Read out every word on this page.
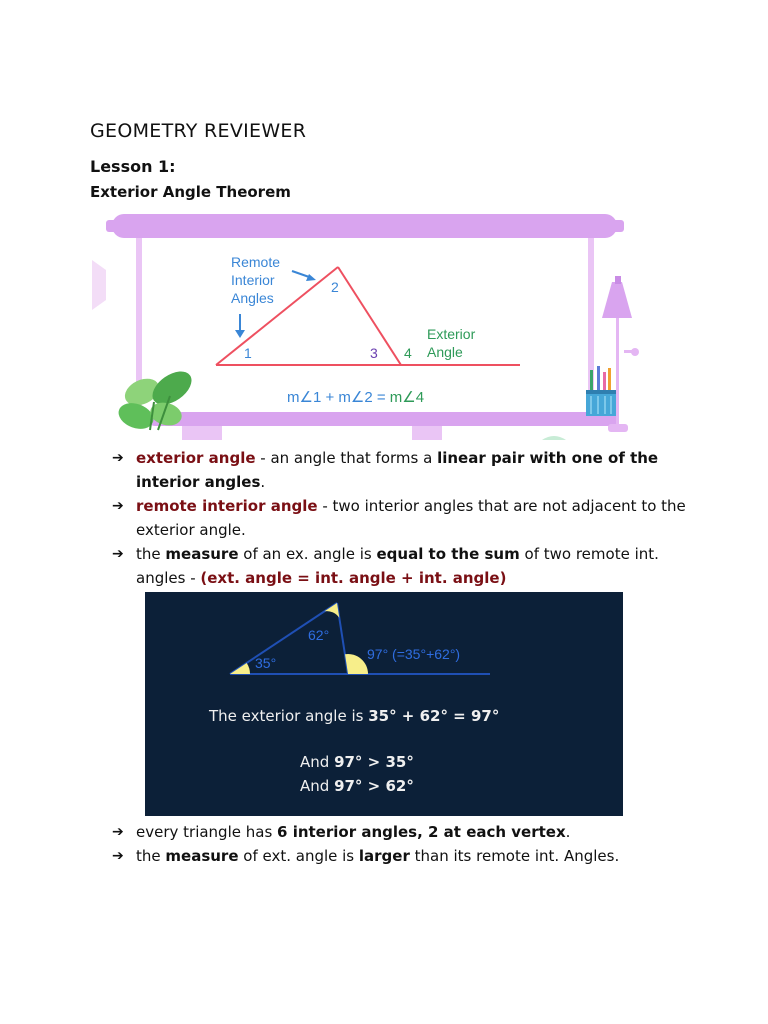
GEOMETRY REVIEWER
Lesson 1:
Exterior Angle Theorem
Remote
Interior
Angles
1
2
3 4
Exterior
Angle
m∠1 + m∠2 = m∠4
➔ exterior angle - an angle that forms a linear pair with one of the interior angles.
➔ remote interior angle - two interior angles that are not adjacent to the exterior angle.
➔ the measure of an ex. angle is equal to the sum of two remote int. angles - (ext. angle = int. angle + int. angle)
35°
62°
97° (=35°+62°)
The exterior angle is 35° + 62° = 97°
And 97° > 35°
And 97° > 62°
➔ every triangle has 6 interior angles, 2 at each vertex.
➔ the measure of ext. angle is larger than its remote int. Angles.
